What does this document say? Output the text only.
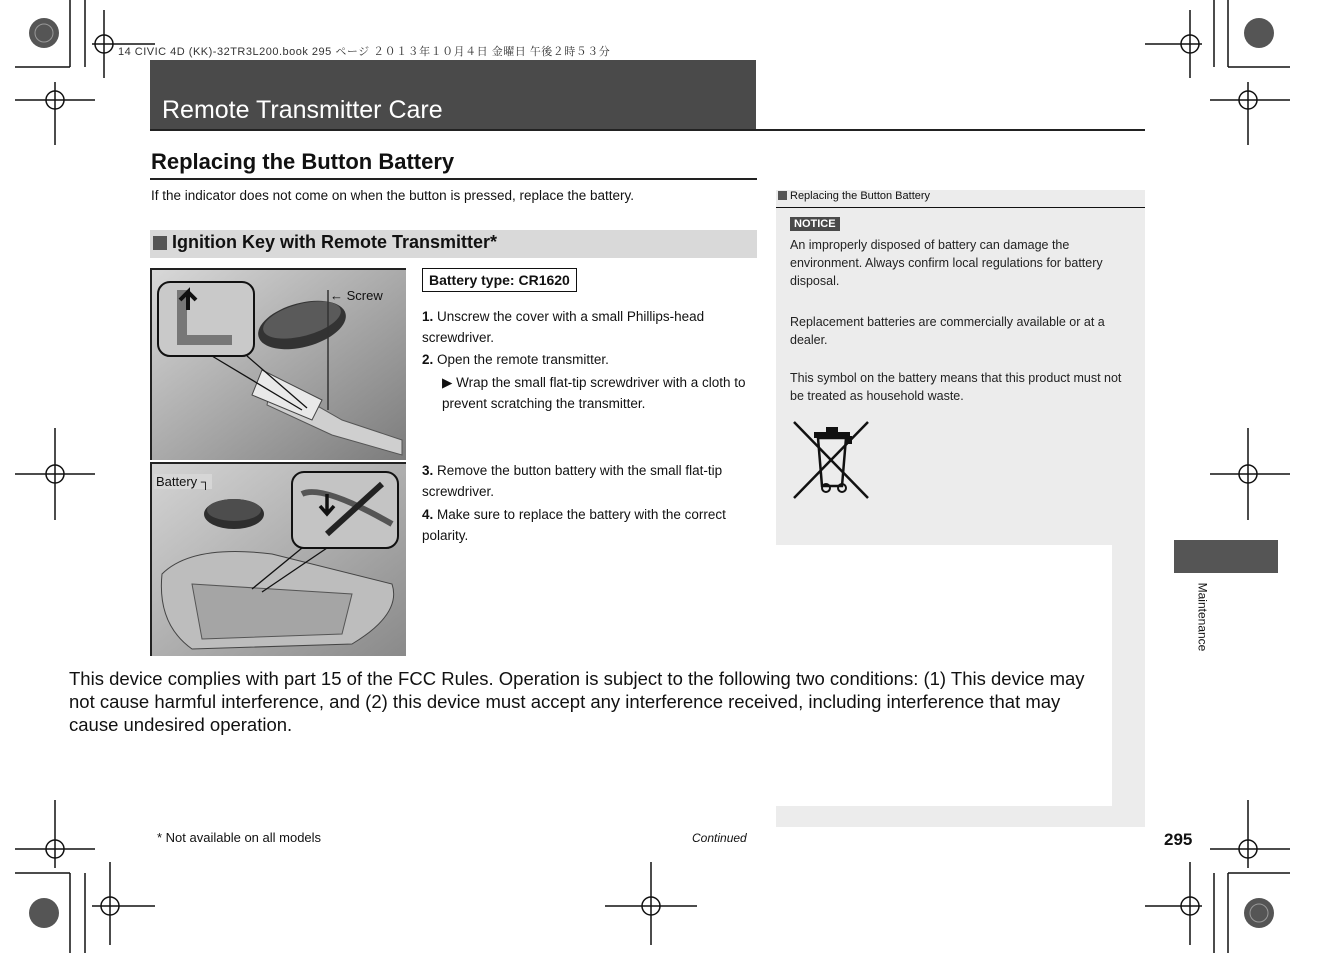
14 CIVIC 4D (KK)-32TR3L200.book 295 ページ ２０１３年１０月４日 金曜日 午後２時５３分
Remote Transmitter Care
Replacing the Button Battery
If the indicator does not come on when the button is pressed, replace the battery.
Ignition Key with Remote Transmitter*
← Screw
Battery ┐
Battery type: CR1620
1. Unscrew the cover with a small Phillips-head screwdriver.
2. Open the remote transmitter.
▶ Wrap the small flat-tip screwdriver with a cloth to prevent scratching the transmitter.
3. Remove the button battery with the small flat-tip screwdriver.
4. Make sure to replace the battery with the correct polarity.
Replacing the Button Battery
NOTICE
An improperly disposed of battery can damage the environment. Always confirm local regulations for battery disposal.
Replacement batteries are commercially available or at a dealer.
This symbol on the battery means that this product must not be treated as household waste.
Maintenance
This device complies with part 15 of the FCC Rules. Operation is subject to the following two conditions: (1) This device may not cause harmful interference, and (2) this device must accept any interference received, including interference that may cause undesired operation.
* Not available on all models	Continued	295
